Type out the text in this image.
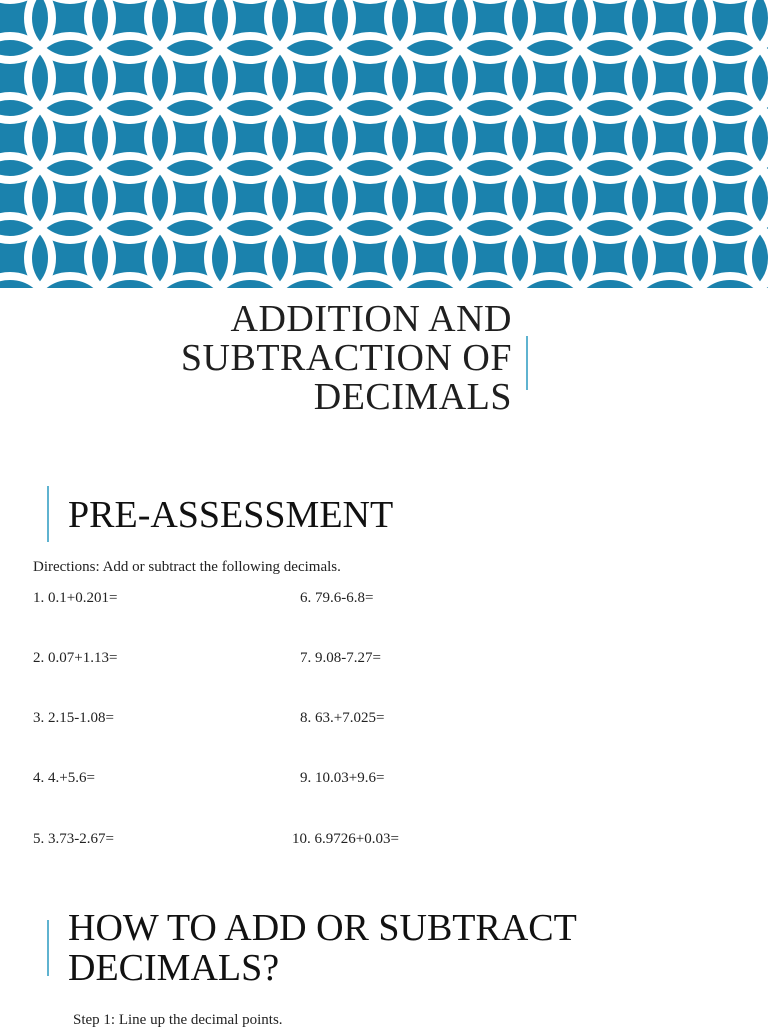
ADDITION AND
SUBTRACTION OF
DECIMALS
PRE-ASSESSMENT
Directions: Add or subtract the following decimals.
1. 0.1+0.201=
2. 0.07+1.13=
3. 2.15-1.08=
4. 4.+5.6=
5. 3.73-2.67=
6. 79.6-6.8=
7. 9.08-7.27=
8. 63.+7.025=
9. 10.03+9.6=
10. 6.9726+0.03=
HOW TO ADD OR SUBTRACT
DECIMALS?
Step 1: Line up the decimal points.
